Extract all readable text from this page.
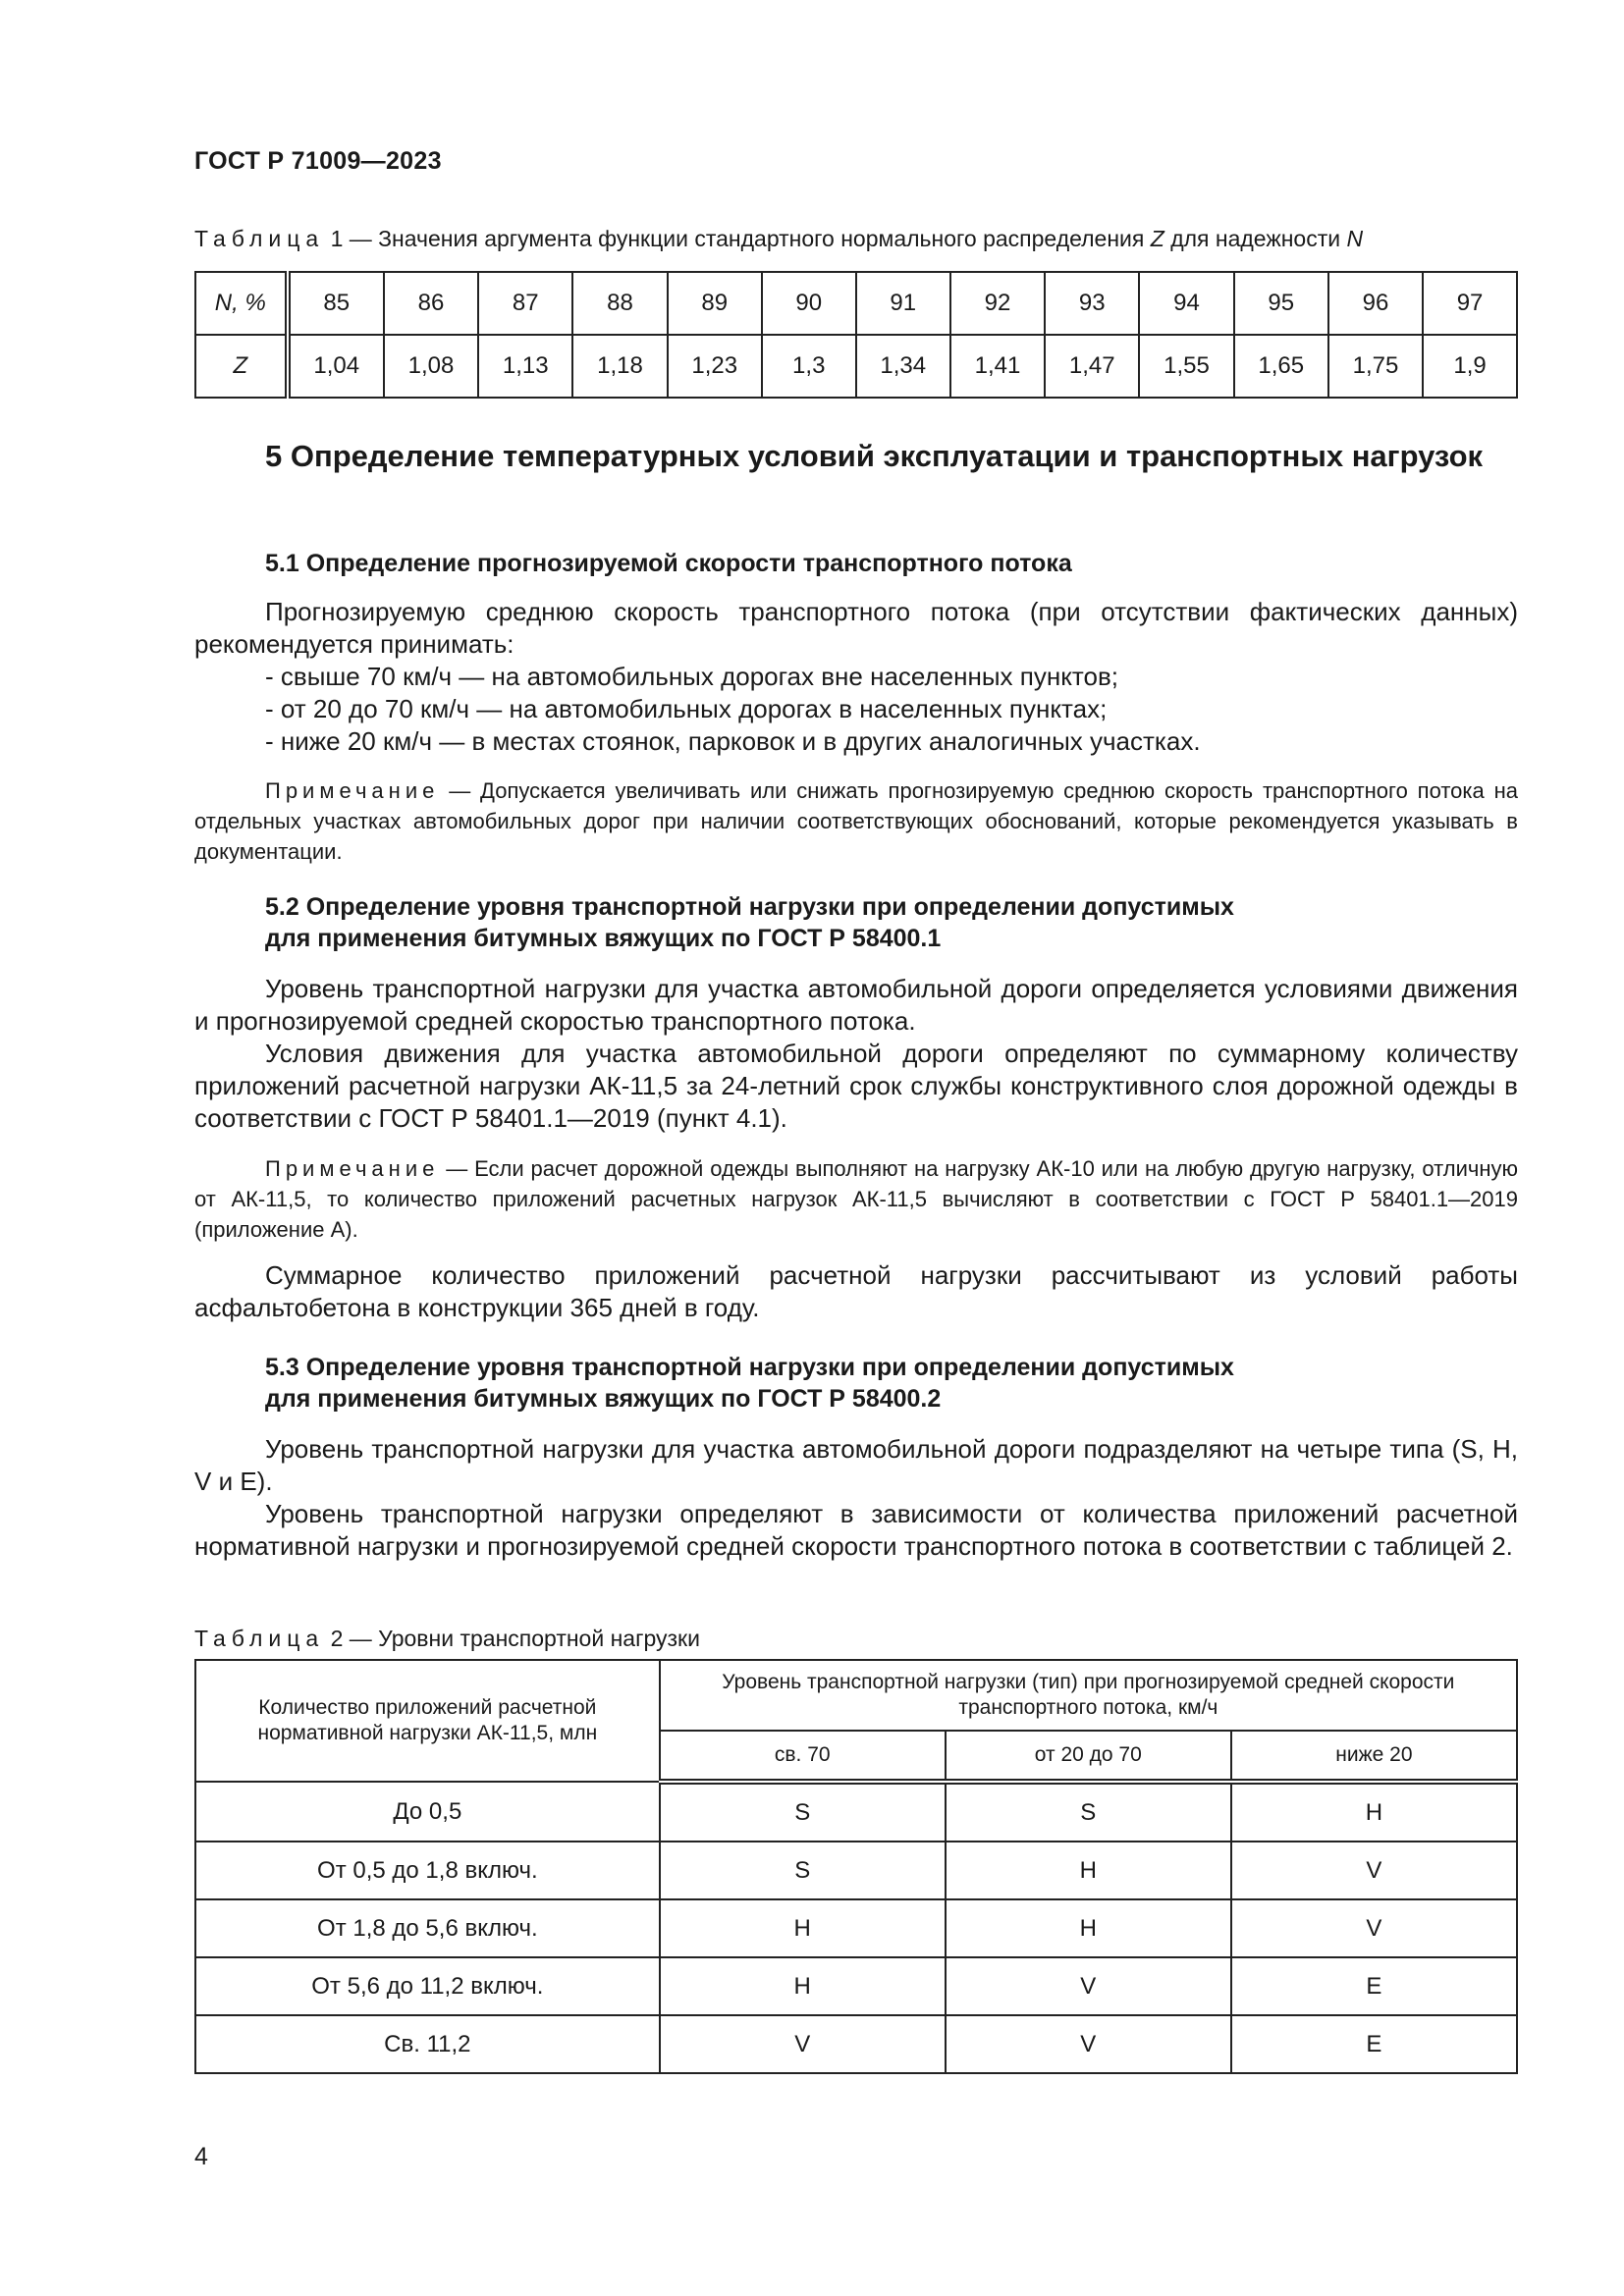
ГОСТ Р 71009—2023
Таблица 1 — Значения аргумента функции стандартного нормального распределения Z для надежности N
N, %	85	86	87	88	89	90	91	92	93	94	95	96	97
Z	1,04	1,08	1,13	1,18	1,23	1,3	1,34	1,41	1,47	1,55	1,65	1,75	1,9
5 Определение температурных условий эксплуатации и транспортных нагрузок
5.1 Определение прогнозируемой скорости транспортного потока

Прогнозируемую среднюю скорость транспортного потока (при отсутствии фактических данных) рекомендуется принимать:

- свыше 70 км/ч — на автомобильных дорогах вне населенных пунктов;
- от 20 до 70 км/ч — на автомобильных дорогах в населенных пунктах;
- ниже 20 км/ч — в местах стоянок, парковок и в других аналогичных участках.
Примечание — Допускается увеличивать или снижать прогнозируемую среднюю скорость транспортного потока на отдельных участках автомобильных дорог при наличии соответствующих обоснований, которые рекомендуется указывать в документации.
5.2 Определение уровня транспортной нагрузки при определении допустимых
для применения битумных вяжущих по ГОСТ Р 58400.1

Уровень транспортной нагрузки для участка автомобильной дороги определяется условиями движения и прогнозируемой средней скоростью транспортного потока.

Условия движения для участка автомобильной дороги определяют по суммарному количеству приложений расчетной нагрузки АК-11,5 за 24-летний срок службы конструктивного слоя дорожной одежды в соответствии с ГОСТ Р 58401.1—2019 (пункт 4.1).

Примечание — Если расчет дорожной одежды выполняют на нагрузку АК-10 или на любую другую нагрузку, отличную от АК-11,5, то количество приложений расчетных нагрузок АК-11,5 вычисляют в соответствии с ГОСТ Р 58401.1—2019 (приложение А).

Суммарное количество приложений расчетной нагрузки рассчитывают из условий работы асфальтобетона в конструкции 365 дней в году.

5.3 Определение уровня транспортной нагрузки при определении допустимых
для применения битумных вяжущих по ГОСТ Р 58400.2

Уровень транспортной нагрузки для участка автомобильной дороги подразделяют на четыре типа (S, H, V и E).

Уровень транспортной нагрузки определяют в зависимости от количества приложений расчетной нормативной нагрузки и прогнозируемой средней скорости транспортного потока в соответствии с таблицей 2.

Таблица 2 — Уровни транспортной нагрузки
Количество приложений расчетной нормативной нагрузки АК-11,5, млн	Уровень транспортной нагрузки (тип) при прогнозируемой средней скорости транспортного потока, км/ч		
	св. 70	от 20 до 70	ниже 20
До 0,5	S	S	H
От 0,5 до 1,8 включ.	S	H	V
От 1,8 до 5,6 включ.	H	H	V
От 5,6 до 11,2 включ.	H	V	E
Св. 11,2	V	V	E
4
